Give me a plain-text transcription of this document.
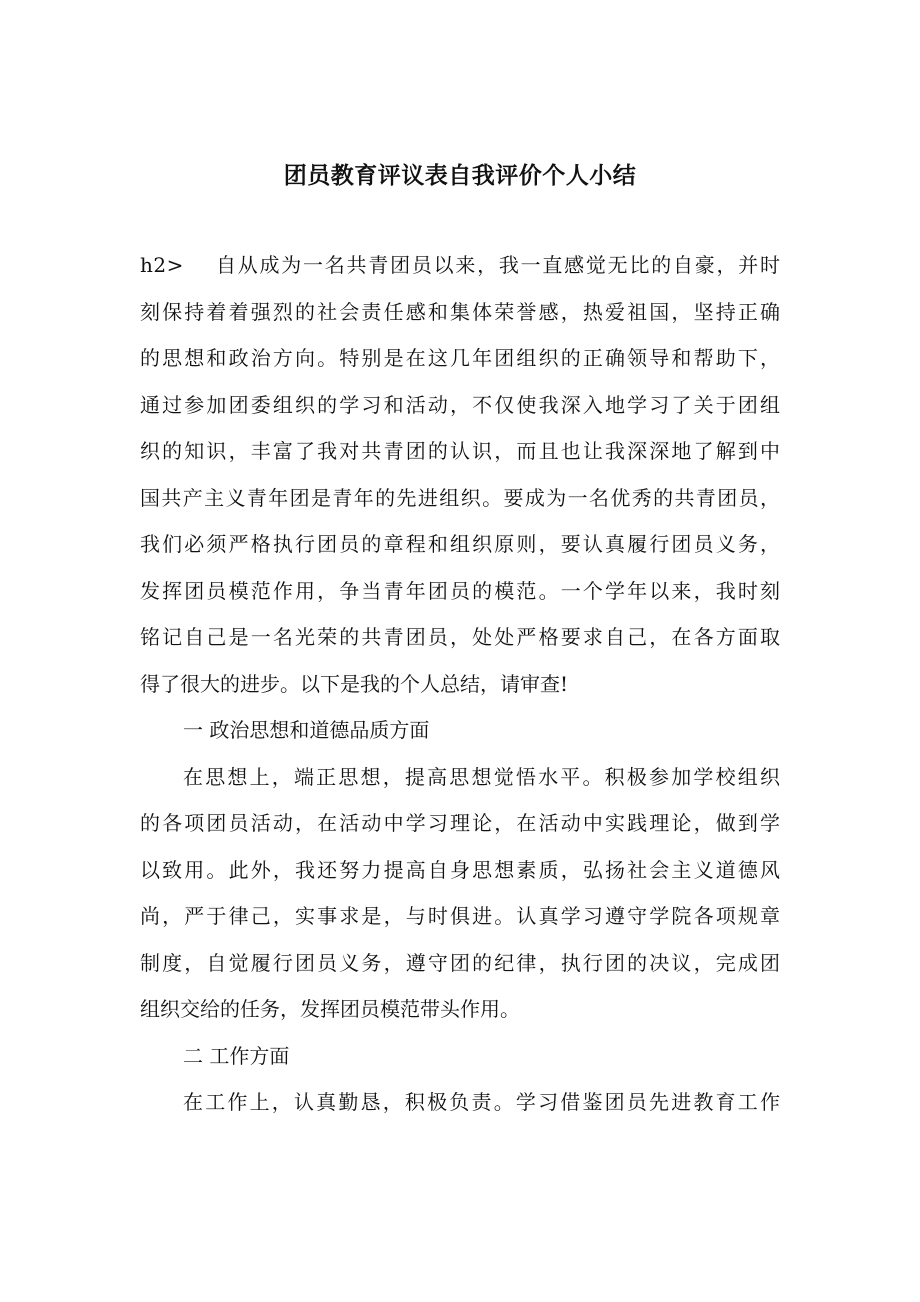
团员教育评议表自我评价个人小结
h2>	自从成为一名共青团员以来，我一直感觉无比的自豪，并时
刻保持着着强烈的社会责任感和集体荣誉感，热爱祖国，坚持正确
的思想和政治方向。特别是在这几年团组织的正确领导和帮助下，
通过参加团委组织的学习和活动，不仅使我深入地学习了关于团组
织的知识，丰富了我对共青团的认识，而且也让我深深地了解到中
国共产主义青年团是青年的先进组织。要成为一名优秀的共青团员，
我们必须严格执行团员的章程和组织原则，要认真履行团员义务，
发挥团员模范作用，争当青年团员的模范。一个学年以来，我时刻
铭记自己是一名光荣的共青团员，处处严格要求自己，在各方面取
得了很大的进步。以下是我的个人总结，请审查!
一 政治思想和道德品质方面
在思想上，端正思想，提高思想觉悟水平。积极参加学校组织
的各项团员活动，在活动中学习理论，在活动中实践理论，做到学
以致用。此外，我还努力提高自身思想素质，弘扬社会主义道德风
尚，严于律己，实事求是，与时俱进。认真学习遵守学院各项规章
制度，自觉履行团员义务，遵守团的纪律，执行团的决议，完成团
组织交给的任务，发挥团员模范带头作用。
二 工作方面
在工作上，认真勤恳，积极负责。学习借鉴团员先进教育工作
